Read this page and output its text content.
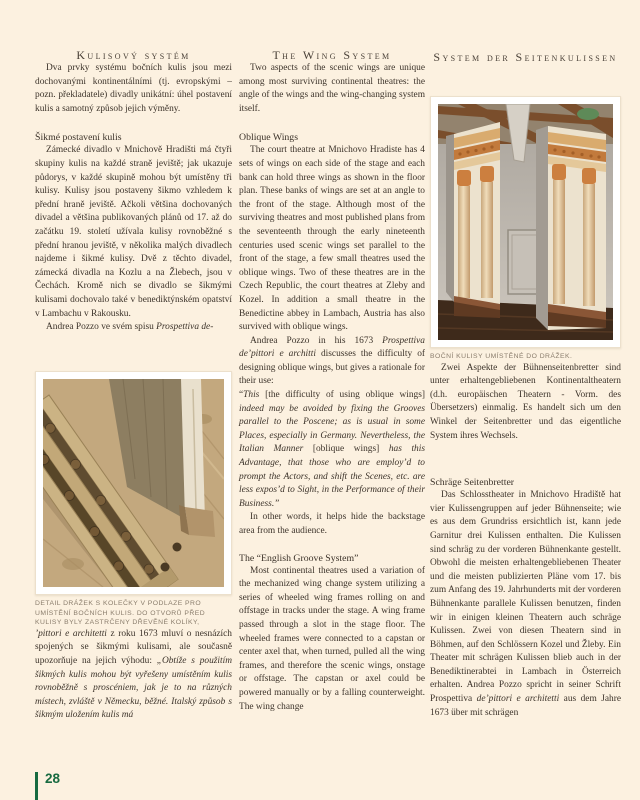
Kulisový systém

Dva prvky systému bočních kulis jsou mezi dochovanými kontinentálními (tj. evropskými – pozn. překladatele) divadly unikátní: úhel postavení kulis a samotný způsob jejich výměny.

Šikmé postavení kulis

Zámecké divadlo v Mnichově Hradišti má čtyři skupiny kulis na každé straně jeviště; jak ukazuje půdorys, v každé skupině mohou být umístěny tři kulisy. Kulisy jsou postaveny šikmo vzhledem k přední hraně jeviště. Ačkoli většina dochovaných divadel a většina publikovaných plánů od 17. až do začátku 19. století užívala kulisy rovnoběžné s přední hranou jeviště, v několika malých divadlech najdeme i šikmé kulisy. Dvě z těchto divadel, zámecká divadla na Kozlu a na Žlebech, jsou v Čechách. Kromě nich se divadlo se šikmými kulisami dochovalo také v benediktýnském opatství v Lambachu v Rakousku.

Andrea Pozzo ve svém spisu Prospettiva de-

DETAIL DRÁŽEK S KOLEČKY V PODLAZE PRO UMÍSTĚNÍ BOČNÍCH KULIS. DO OTVORŮ PŘED KULISY BYLY ZASTRČENY DŘEVĚNÉ KOLÍKY,

’pittori e architetti z roku 1673 mluví o nesnázích spojených se šikmými kulisami, ale současně upozorňuje na jejich výhodu: „Obtíže s použitím šikmých kulis mohou být vyřešeny umístěním kulis rovnoběžně s proscéniem, jak je to na různých místech, zvláště v Německu, běžné. Italský způsob s šikmým uložením kulis má

28
The Wing System

Two aspects of the scenic wings are unique among most surviving continental theatres: the angle of the wings and the wing-changing system itself.

Oblique Wings

The court theatre at Mnichovo Hradiste has 4 sets of wings on each side of the stage and each bank can hold three wings as shown in the floor plan. These banks of wings are set at an angle to the front of the stage. Although most of the surviving theatres and most published plans from the seventeenth through the early nineteenth centuries used scenic wings set parallel to the front of the stage, a few small theatres used the oblique wings. Two of these theatres are in the Czech Republic, the court theatres at Zleby and Kozel. In addition a small theatre in the Benedictine abbey in Lambach, Austria has also survived with oblique wings.

Andrea Pozzo in his 1673 Prospettiva de’pittori e architti discusses the difficulty of designing oblique wings, but gives a rationale for their use:

“This [the difficulty of using oblique wings] indeed may be avoided by fixing the Grooves parallel to the Poscene; as is usual in some Places, especially in Germany. Nevertheless, the Italian Manner [oblique wings] has this Advantage, that those who are employ’d to prompt the Actors, and shift the Scenes, etc. are less expos’d to Sight, in the Performance of their Business.”

In other words, it helps hide the backstage area from the audience.

The “English Groove System”

Most continental theatres used a variation of the mechanized wing change system utilizing a series of wheeled wing frames rolling on and offstage in tracks under the stage. A wing frame passed through a slot in the stage floor. The wheeled frames were connected to a capstan or center axel that, when turned, pulled all the wing frames, and therefore the scenic wings, onstage or offstage. The capstan or axel could be powered manually or by a falling counterweight. The wing change

System der Seitenkulissen

BOČNÍ KULISY UMÍSTĚNÉ DO DRÁŽEK.

Zwei Aspekte der Bühnenseitenbretter sind unter erhaltengebliebenen Kontinentaltheatern (d.h. europäischen Theatern - Vorm. des Übersetzers) einmalig. Es handelt sich um den Winkel der Seitenbretter und das eigentliche System ihres Wechsels.

Schräge Seitenbretter

Das Schlosstheater in Mnichovo Hradiště hat vier Kulissengruppen auf jeder Bühnenseite; wie es aus dem Grundriss ersichtlich ist, kann jede Garnitur drei Kulissen enthalten. Die Kulissen sind schräg zu der vorderen Bühnenkante gestellt. Obwohl die meisten erhaltengebliebenen Theater und die meisten publizierten Pläne vom 17. bis zum Anfang des 19. Jahrhunderts mit der vorderen Bühnenkante parallele Kulissen benutzen, finden wir in einigen kleinen Theatern auch schräge Kulissen. Zwei von diesen Theatern sind in Böhmen, auf den Schlössern Kozel und Žleby. Ein Theater mit schrägen Kulissen blieb auch in der Benediktinerabtei in Lambach in Österreich erhalten. Andrea Pozzo spricht in seiner Schrift Prospettiva de’pittori e architetti aus dem Jahre 1673 über mit schrägen
